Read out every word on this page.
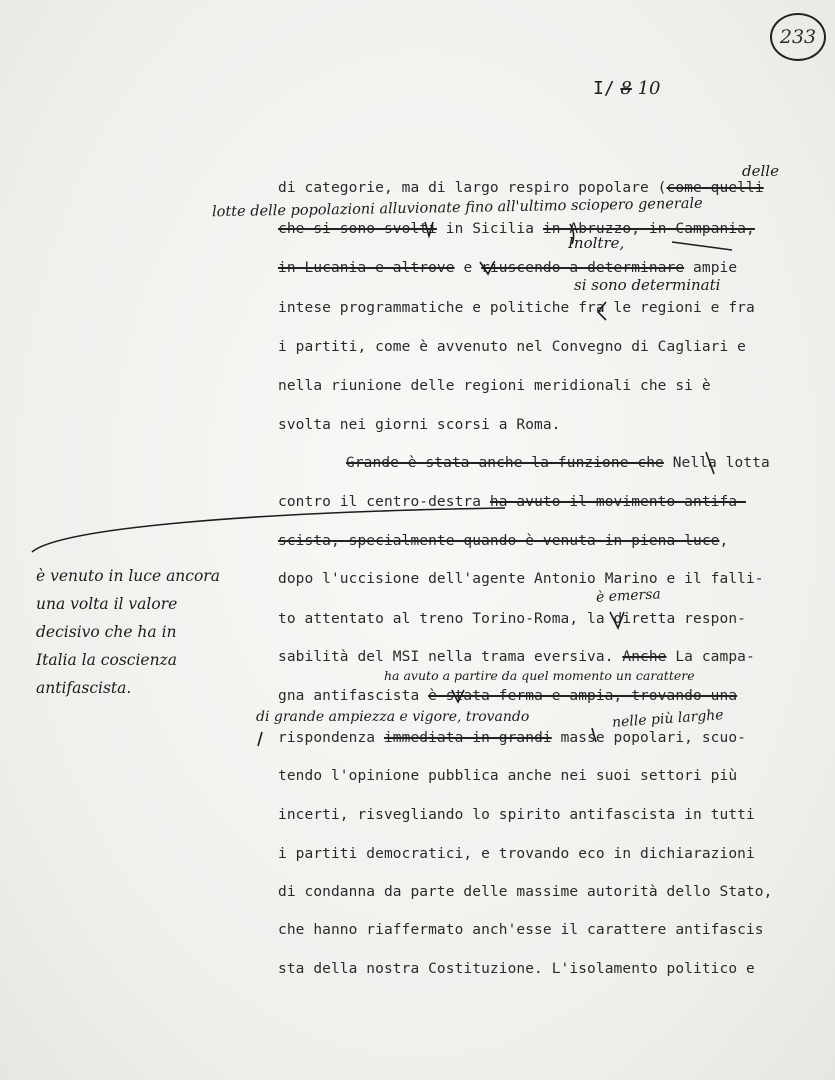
233
I/ 8 10
di categorie, ma di largo respiro popolare (come quelli
che si sono svolti in Sicilia in Abruzzo, in Campania,
in Lucania e altrove e riuscendo a determinare ampie
intese programmatiche e politiche fra le regioni e fra
i partiti, come è avvenuto nel Convegno di Cagliari e
nella riunione delle regioni meridionali che si è
svolta nei giorni scorsi a Roma.
Grande è stata anche la funzione che Nella lotta
contro il centro-destra ha avuto il movimento antifa-
scista, specialmente quando è venuta in piena luce,
dopo l'uccisione dell'agente Antonio Marino e il falli-
to attentato al treno Torino-Roma, la diretta respon-
sabilità del MSI nella trama eversiva. Anche La campa-
gna antifascista è stata ferma e ampia, trovando una
rispondenza immediata in grandi masse popolari, scuo-
tendo l'opinione pubblica anche nei suoi settori più
incerti, risvegliando lo spirito antifascista in tutti
i partiti democratici, e trovando eco in dichiarazioni
di condanna da parte delle massime autorità dello Stato,
che hanno riaffermato anch'esse il carattere antifascis
sta della nostra Costituzione. L'isolamento politico e
delle
lotte delle popolazioni alluvionate fino all'ultimo sciopero generale
Inoltre,
si sono determinati
è emersa
ha avuto a partire da quel momento un carattere
di grande ampiezza e vigore, trovando	nelle più larghe
è venuto in luce ancora
una volta il valore
decisivo che ha in
Italia la coscienza
antifascista.
